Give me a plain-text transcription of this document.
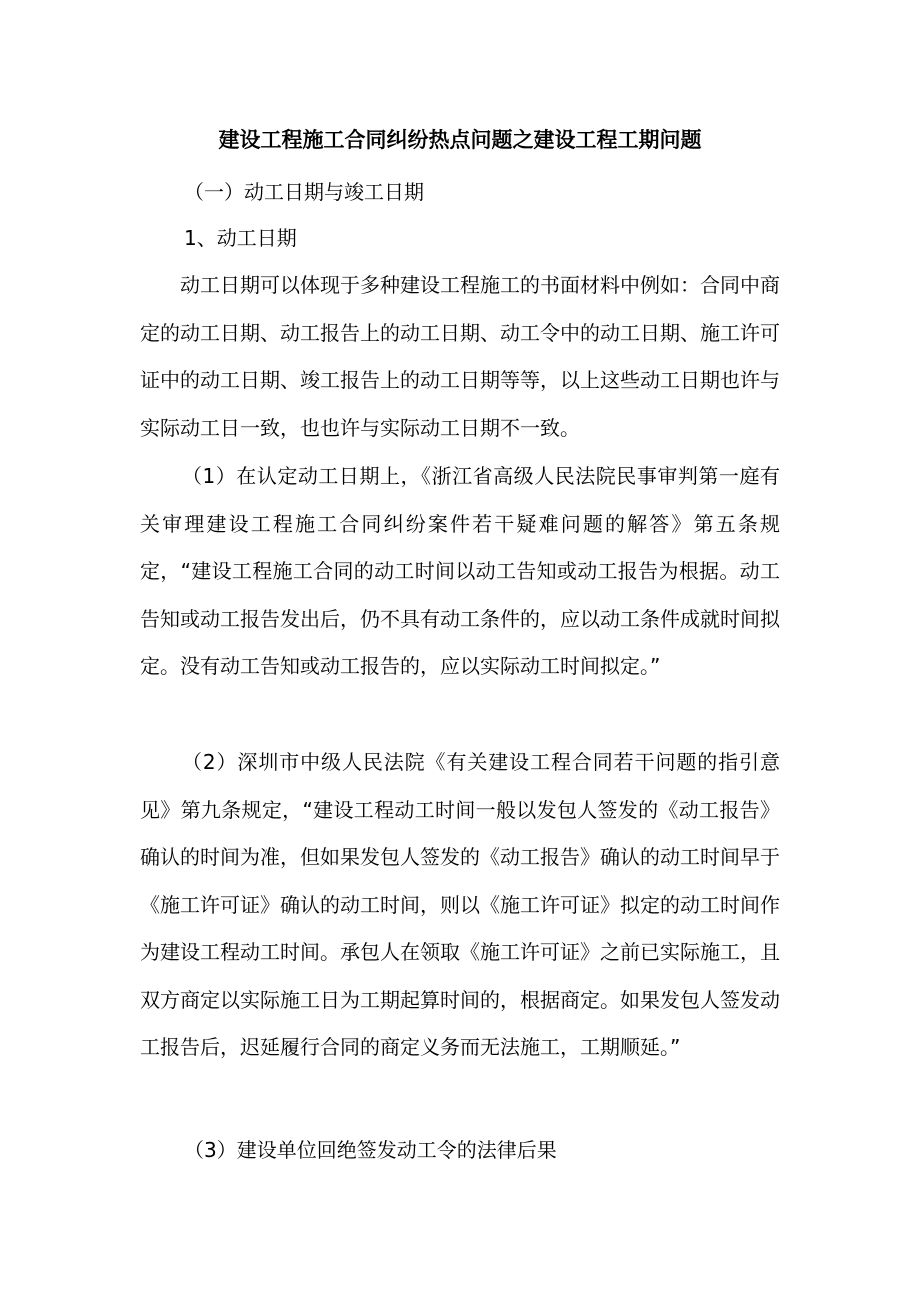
建设工程施工合同纠纷热点问题之建设工程工期问题

（一）动工日期与竣工日期

1、动工日期

动工日期可以体现于多种建设工程施工的书面材料中例如：合同中商定的动工日期、动工报告上的动工日期、动工令中的动工日期、施工许可证中的动工日期、竣工报告上的动工日期等等，以上这些动工日期也许与实际动工日一致，也也许与实际动工日期不一致。

（1）在认定动工日期上，《浙江省高级人民法院民事审判第一庭有关审理建设工程施工合同纠纷案件若干疑难问题的解答》第五条规定，“建设工程施工合同的动工时间以动工告知或动工报告为根据。动工告知或动工报告发出后，仍不具有动工条件的，应以动工条件成就时间拟定。没有动工告知或动工报告的，应以实际动工时间拟定。”

（2）深圳市中级人民法院《有关建设工程合同若干问题的指引意见》第九条规定，“建设工程动工时间一般以发包人签发的《动工报告》确认的时间为准，但如果发包人签发的《动工报告》确认的动工时间早于《施工许可证》确认的动工时间，则以《施工许可证》拟定的动工时间作为建设工程动工时间。承包人在领取《施工许可证》之前已实际施工，且双方商定以实际施工日为工期起算时间的，根据商定。如果发包人签发动工报告后，迟延履行合同的商定义务而无法施工，工期顺延。”

（3）建设单位回绝签发动工令的法律后果
